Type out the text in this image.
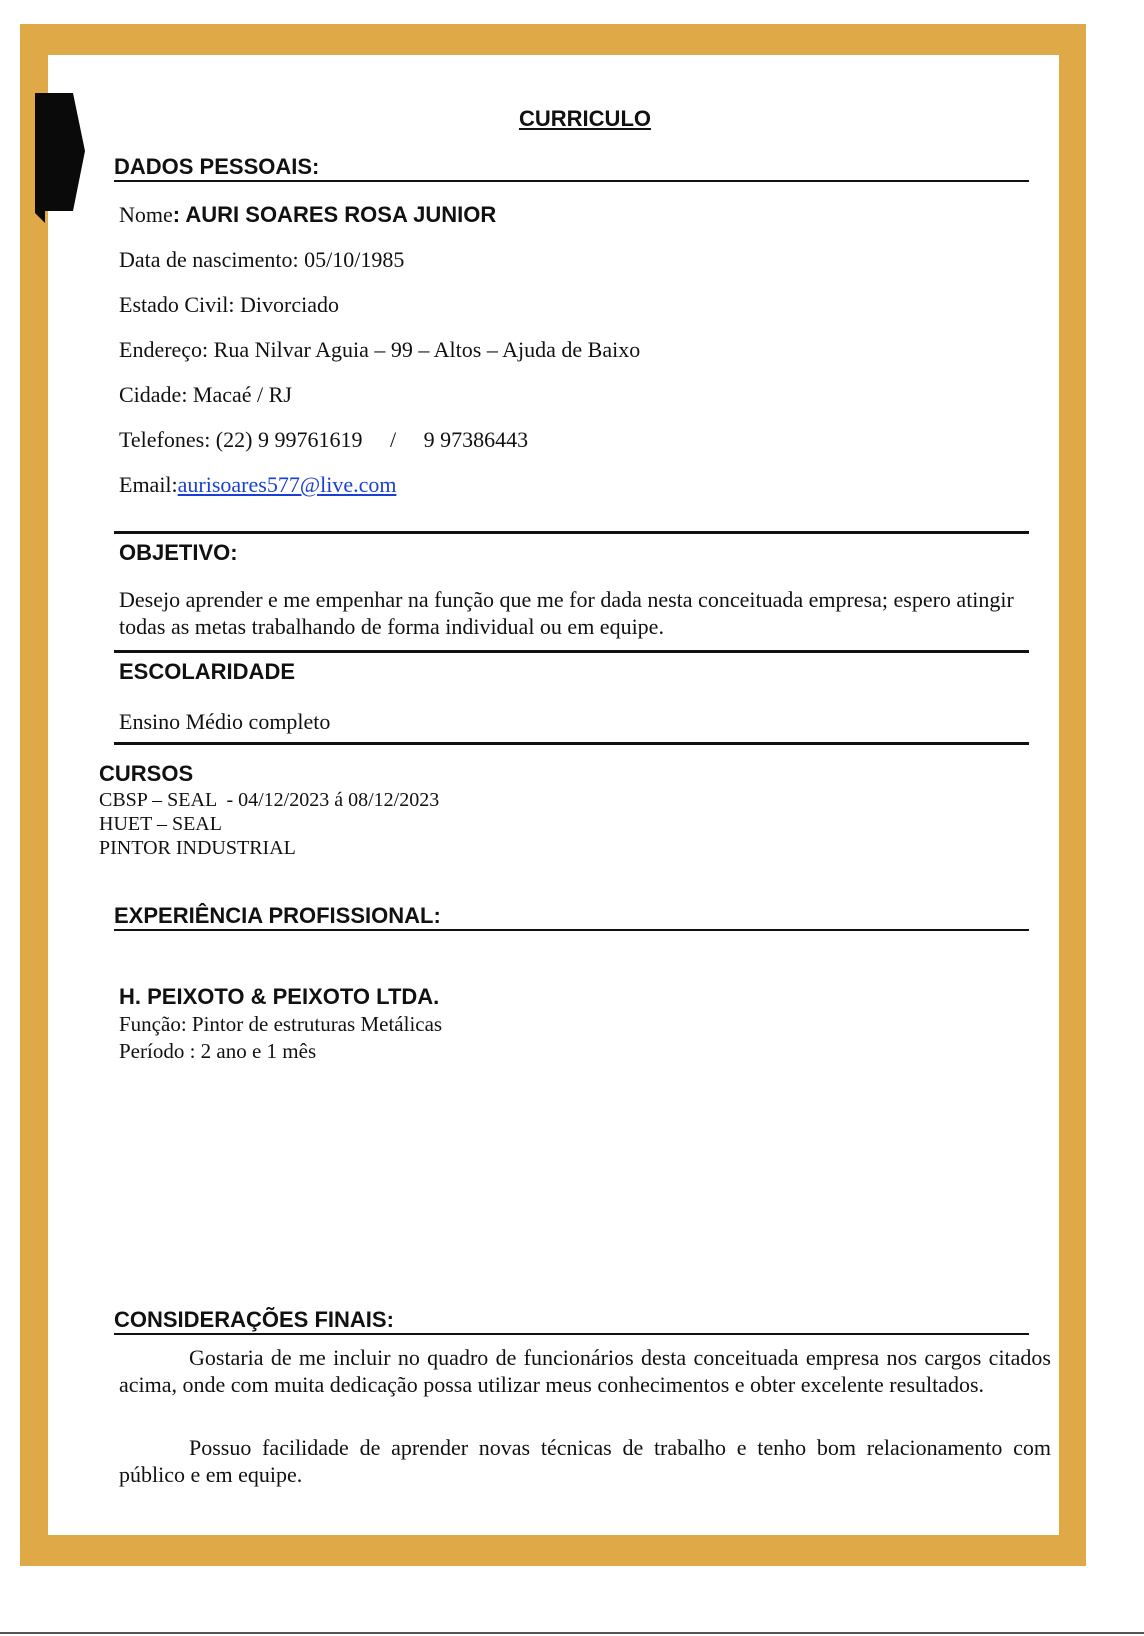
CURRICULO
DADOS PESSOAIS:
Nome: AURI SOARES ROSA JUNIOR
Data de nascimento: 05/10/1985
Estado Civil: Divorciado
Endereço: Rua Nilvar Aguia – 99 – Altos – Ajuda de Baixo
Cidade: Macaé / RJ
Telefones: (22) 9 99761619     /     9 97386443
Email:aurisoares577@live.com
OBJETIVO:
Desejo aprender e me empenhar na função que me for dada nesta conceituada empresa; espero atingir todas as metas trabalhando de forma individual ou em equipe.
ESCOLARIDADE
Ensino Médio completo
CURSOS
CBSP – SEAL  - 04/12/2023 á 08/12/2023
HUET – SEAL
PINTOR INDUSTRIAL
EXPERIÊNCIA PROFISSIONAL:
H. PEIXOTO & PEIXOTO LTDA.
Função: Pintor de estruturas Metálicas
Período : 2 ano e 1 mês
CONSIDERAÇÕES FINAIS:
Gostaria de me incluir no quadro de funcionários desta conceituada empresa nos cargos citados acima, onde com muita dedicação possa utilizar meus conhecimentos e obter excelente resultados.
Possuo facilidade de aprender novas técnicas de trabalho e tenho bom relacionamento com público e em equipe.
